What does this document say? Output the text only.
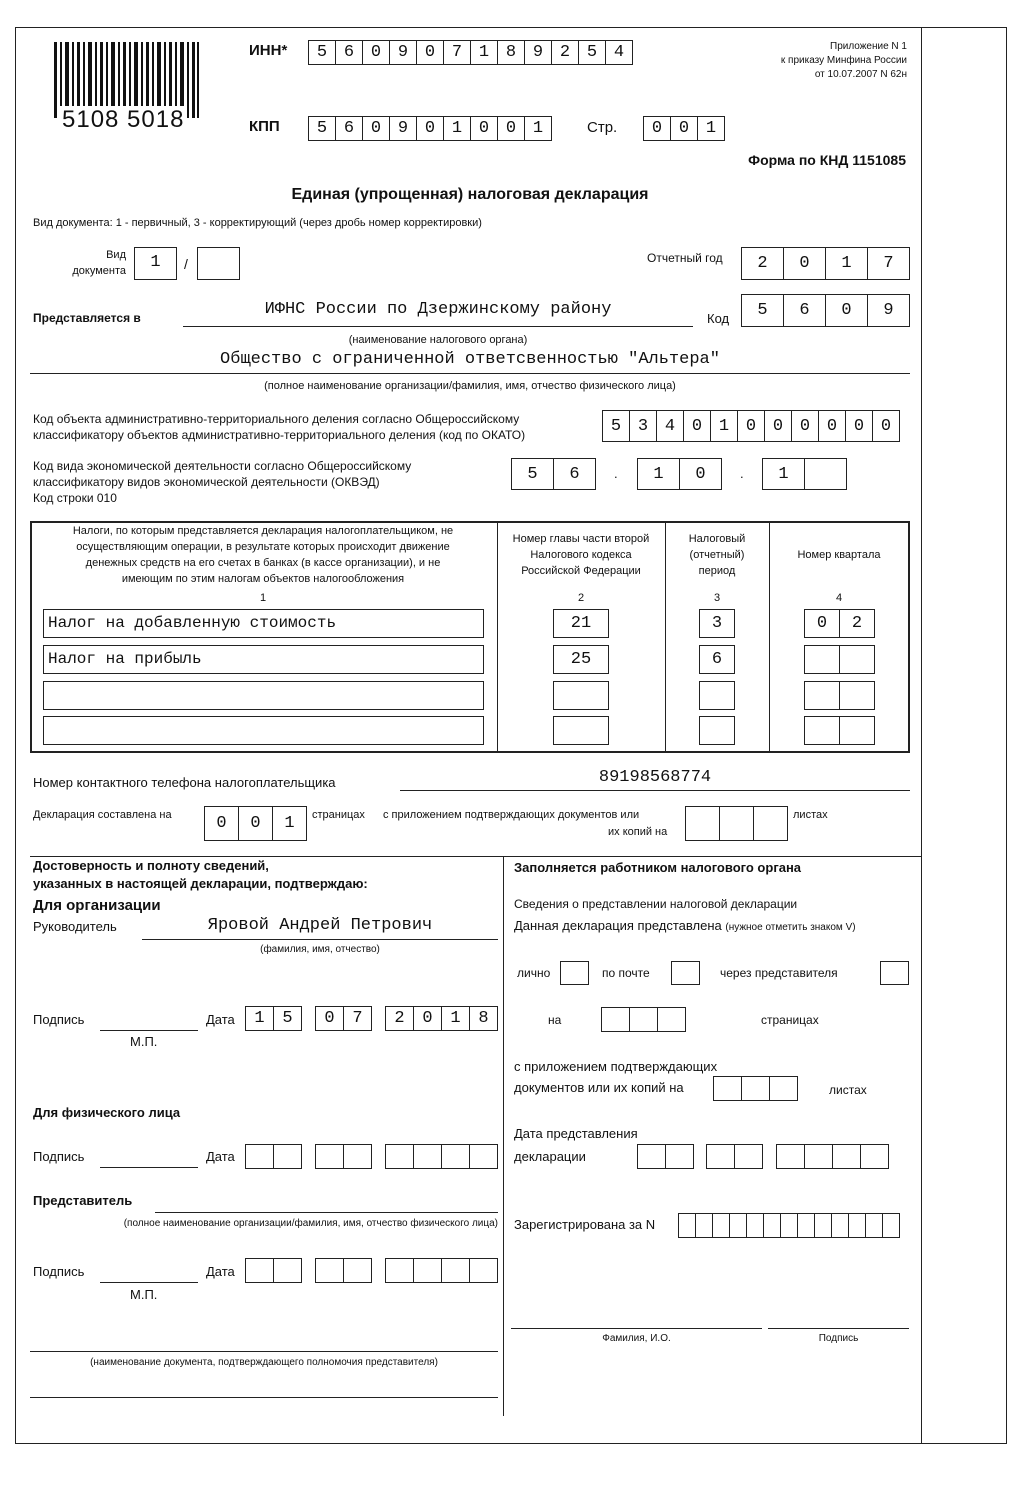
5108 5018
ИНН*	5 6 0 9 0 7 1 8 9 2 5 4
КПП	5 6 0 9 0 1 0 0 1	Стр.	0 0 1
Приложение N 1
к приказу Минфина России
от 10.07.2007 N 62н
Форма по КНД 1151085
Единая (упрощенная) налоговая декларация
Вид документа: 1 - первичный, 3 - корректирующий (через дробь номер корректировки)
Вид
документа	1	/	Отчетный год	2	0	1	7
Представляется в	ИФНС России по Дзержинскому району	Код	5	6	0	9
(наименование налогового органа)
Общество с ограниченной ответсвенностью "Альтера"
(полное наименование организации/фамилия, имя, отчество физического лица)
Код объекта административно-территориального деления согласно Общероссийскому
классификатору объектов административно-территориального деления (код по ОКАТО)	5 3 4 0 1 0 0 0 0 0 0
Код вида экономической деятельности согласно Общероссийскому
классификатору видов экономической деятельности (ОКВЭД)
Код строки 010
5	6	.	1	0	.	1
Налоги, по которым представляется декларация налогоплательщиком, не
осуществляющим операции, в результате которых происходит движение
денежных средств на его счетах в банках (в кассе организации), и не
имеющим по этим налогам объектов налогообложения
Номер главы части второй
Налогового кодекса
Российской Федерации
Налоговый
(отчетный)
период
Номер квартала
1	2	3	4
Налог на добавленную стоимость	21	3	0	2
Налог на прибыль	25	6
Номер контактного телефона налогоплательщика	89198568774
Декларация составлена на	0	0	1	страницах с приложением подтверждающих документов или
их копий на
листах
Достоверность и полноту сведений,
указанных в настоящей декларации, подтверждаю:
Для организации
Руководитель	Яровой Андрей Петрович
(фамилия, имя, отчество)
Подпись	Дата	1	5	0	7	2	0	1	8
М.П.
Для физического лица
Подпись	Дата
Представитель
(полное наименование организации/фамилия, имя, отчество физического лица)
Подпись	Дата
М.П.
(наименование документа, подтверждающего полномочия представителя)
Заполняется работником налогового органа
Сведения о представлении налоговой декларации
Данная декларация представлена (нужное отметить знаком V)
лично	по почте	через представителя
на	страницах
с приложением подтверждающих
документов или их копий на	листах
Дата представления
декларации
Зарегистрирована за N
Фамилия, И.О.	Подпись
